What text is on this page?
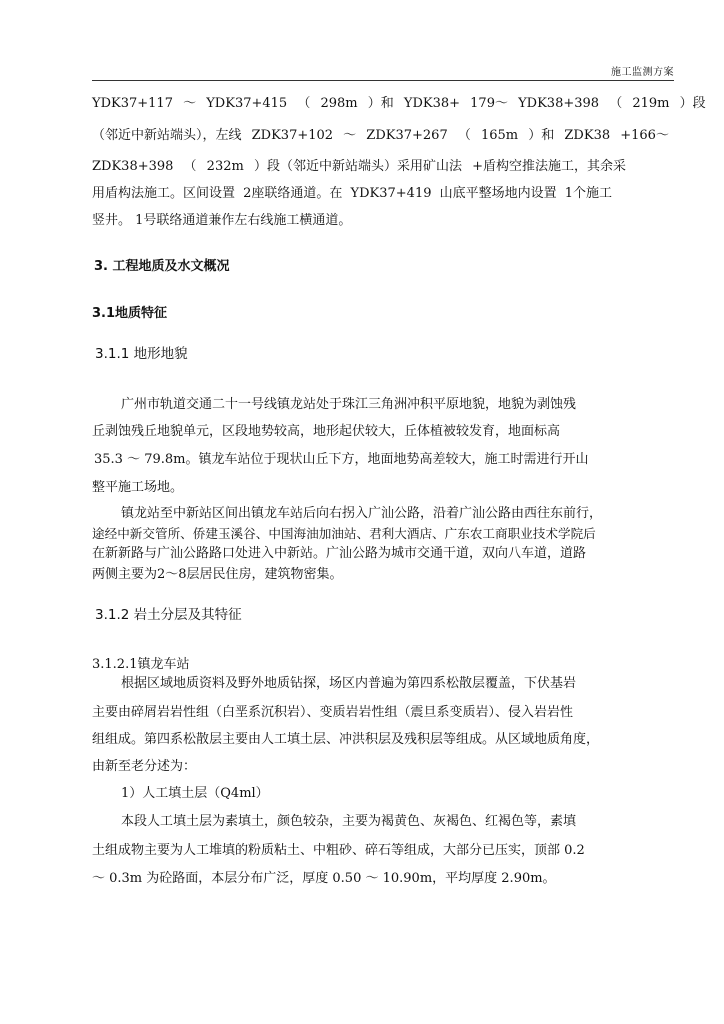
施工监测方案
YDK37+117 ～ YDK37+415 （ 298m ）和 YDK38+ 179～ YDK38+398 （ 219m ）段
（邻近中新站端头），左线 ZDK37+102 ～ ZDK37+267 （ 165m ）和 ZDK38 +166～
ZDK38+398 （ 232m ）段（邻近中新站端头）采用矿山法 +盾构空推法施工，其余采
用盾构法施工。区间设置 2座联络通道。在 YDK37+419 山底平整场地内设置 1个施工
竖井。 1号联络通道兼作左右线施工横通道。
3. 工程地质及水文概况
3.1地质特征
3.1.1 地形地貌
广州市轨道交通二十一号线镇龙站处于珠江三角洲冲积平原地貌，地貌为剥蚀残
丘剥蚀残丘地貌单元，区段地势较高，地形起伏较大，丘体植被较发育，地面标高
35.3 ～ 79.8m。镇龙车站位于现状山丘下方，地面地势高差较大，施工时需进行开山
整平施工场地。
镇龙站至中新站区间出镇龙车站后向右拐入广汕公路，沿着广汕公路由西往东前行，
途经中新交管所、侨建玉溪谷、中国海油加油站、君利大酒店、广东农工商职业技术学院后
在新新路与广汕公路路口处进入中新站。广汕公路为城市交通干道，双向八车道，道路
两侧主要为2～8层居民住房，建筑物密集。
3.1.2 岩土分层及其特征
3.1.2.1镇龙车站
根据区域地质资料及野外地质钻探，场区内普遍为第四系松散层覆盖，下伏基岩
主要由碎屑岩岩性组（白垩系沉积岩）、变质岩岩性组（震旦系变质岩）、侵入岩岩性
组组成。第四系松散层主要由人工填土层、冲洪积层及残积层等组成。从区域地质角度，
由新至老分述为：
1）人工填土层（Q4ml）
本段人工填土层为素填土，颜色较杂，主要为褐黄色、灰褐色、红褐色等，素填
土组成物主要为人工堆填的粉质粘土、中粗砂、碎石等组成，大部分已压实，顶部 0.2
～ 0.3m 为砼路面，本层分布广泛，厚度 0.50 ～ 10.90m，平均厚度 2.90m。
